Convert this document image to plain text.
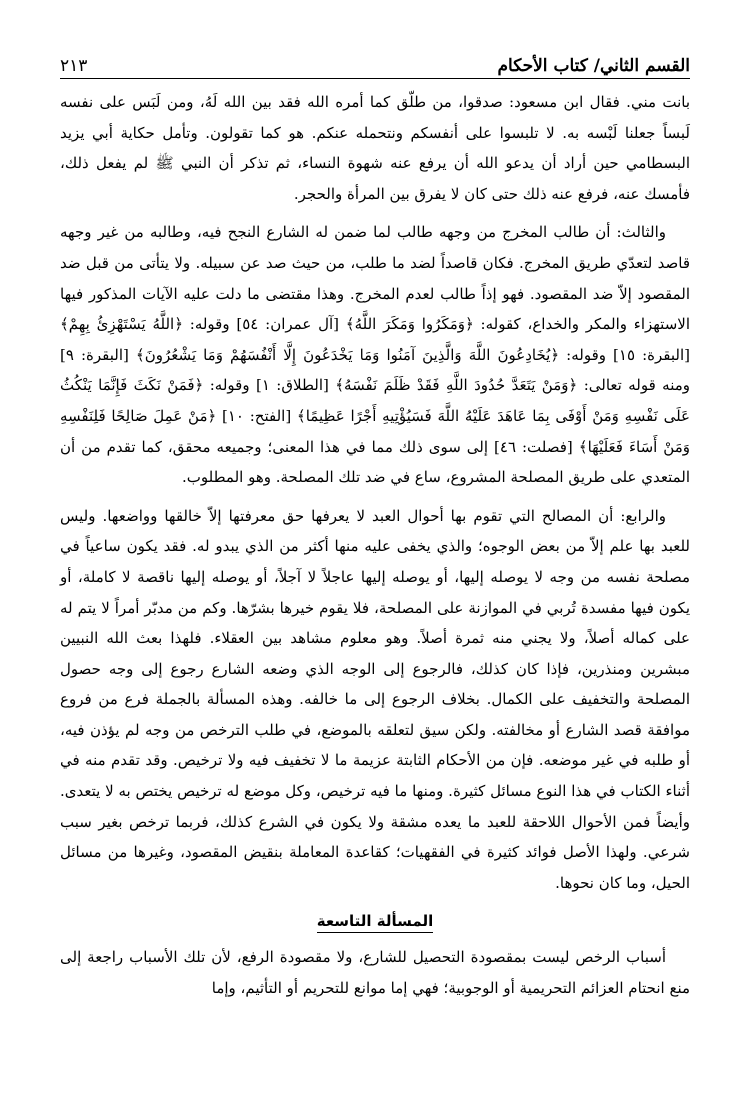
القسم الثاني/ كتاب الأحكام
٢١٣

بانت مني. فقال ابن مسعود: صدقوا، من طلّق كما أمره الله فقد بين الله لَهُ، ومن لَبَس على نفسه لَبساً جعلنا لَبْسه به. لا تلبسوا على أنفسكم ونتحمله عنكم. هو كما تقولون. وتأمل حكاية أبي يزيد البسطامي حين أراد أن يدعو الله أن يرفع عنه شهوة النساء، ثم تذكر أن النبي ﷺ لم يفعل ذلك، فأمسك عنه، فرفع عنه ذلك حتى كان لا يفرق بين المرأة والحجر.

والثالث: أن طالب المخرج من وجهه طالب لما ضمن له الشارع النجح فيه، وطالبه من غير وجهه قاصد لتعدّي طريق المخرج. فكان قاصداً لضد ما طلب، من حيث صد عن سبيله. ولا يتأتى من قبل ضد المقصود إلاّ ضد المقصود. فهو إذاً طالب لعدم المخرج. وهذا مقتضى ما دلت عليه الآيات المذكور فيها الاستهزاء والمكر والخداع، كقوله: ﴿وَمَكَرُوا وَمَكَرَ اللَّهُ﴾ [آل عمران: ٥٤] وقوله: ﴿اللَّهُ يَسْتَهْزِئُ بِهِمْ﴾ [البقرة: ١٥] وقوله: ﴿يُخَادِعُونَ اللَّهَ وَالَّذِينَ آمَنُوا وَمَا يَخْدَعُونَ إِلَّا أَنْفُسَهُمْ وَمَا يَشْعُرُونَ﴾ [البقرة: ٩] ومنه قوله تعالى: ﴿وَمَنْ يَتَعَدَّ حُدُودَ اللَّهِ فَقَدْ ظَلَمَ نَفْسَهُ﴾ [الطلاق: ١] وقوله: ﴿فَمَنْ نَكَثَ فَإِنَّمَا يَنْكُثُ عَلَى نَفْسِهِ وَمَنْ أَوْفَى بِمَا عَاهَدَ عَلَيْهُ اللَّهَ فَسَيُؤْتِيهِ أَجْرًا عَظِيمًا﴾ [الفتح: ١٠] ﴿مَنْ عَمِلَ صَالِحًا فَلِنَفْسِهِ وَمَنْ أَسَاءَ فَعَلَيْهَا﴾ [فصلت: ٤٦] إلى سوى ذلك مما في هذا المعنى؛ وجميعه محقق، كما تقدم من أن المتعدي على طريق المصلحة المشروع، ساع في ضد تلك المصلحة. وهو المطلوب.

والرابع: أن المصالح التي تقوم بها أحوال العبد لا يعرفها حق معرفتها إلاّ خالقها وواضعها. وليس للعبد بها علم إلاّ من بعض الوجوه؛ والذي يخفى عليه منها أكثر من الذي يبدو له. فقد يكون ساعياً في مصلحة نفسه من وجه لا يوصله إليها، أو يوصله إليها عاجلاً لا آجلاً، أو يوصله إليها ناقصة لا كاملة، أو يكون فيها مفسدة تُربي في الموازنة على المصلحة، فلا يقوم خيرها بشرّها. وكم من مدبّر أمراً لا يتم له على كماله أصلاً، ولا يجني منه ثمرة أصلاً. وهو معلوم مشاهد بين العقلاء. فلهذا بعث الله النبيين مبشرين ومنذرين، فإذا كان كذلك، فالرجوع إلى الوجه الذي وضعه الشارع رجوع إلى وجه حصول المصلحة والتخفيف على الكمال. بخلاف الرجوع إلى ما خالفه. وهذه المسألة بالجملة فرع من فروع موافقة قصد الشارع أو مخالفته. ولكن سيق لتعلقه بالموضع، في طلب الترخص من وجه لم يؤذن فيه، أو طلبه في غير موضعه. فإن من الأحكام الثابتة عزيمة ما لا تخفيف فيه ولا ترخيص. وقد تقدم منه في أثناء الكتاب في هذا النوع مسائل كثيرة. ومنها ما فيه ترخيص، وكل موضع له ترخيص يختص به لا يتعدى. وأيضاً فمن الأحوال اللاحقة للعبد ما يعده مشقة ولا يكون في الشرع كذلك، فربما ترخص بغير سبب شرعي. ولهذا الأصل فوائد كثيرة في الفقهيات؛ كقاعدة المعاملة بنقيض المقصود، وغيرها من مسائل الحيل، وما كان نحوها.

المسألة التاسعة

أسباب الرخص ليست بمقصودة التحصيل للشارع، ولا مقصودة الرفع، لأن تلك الأسباب راجعة إلى منع انحتام العزائم التحريمية أو الوجوبية؛ فهي إما موانع للتحريم أو التأثيم، وإما
